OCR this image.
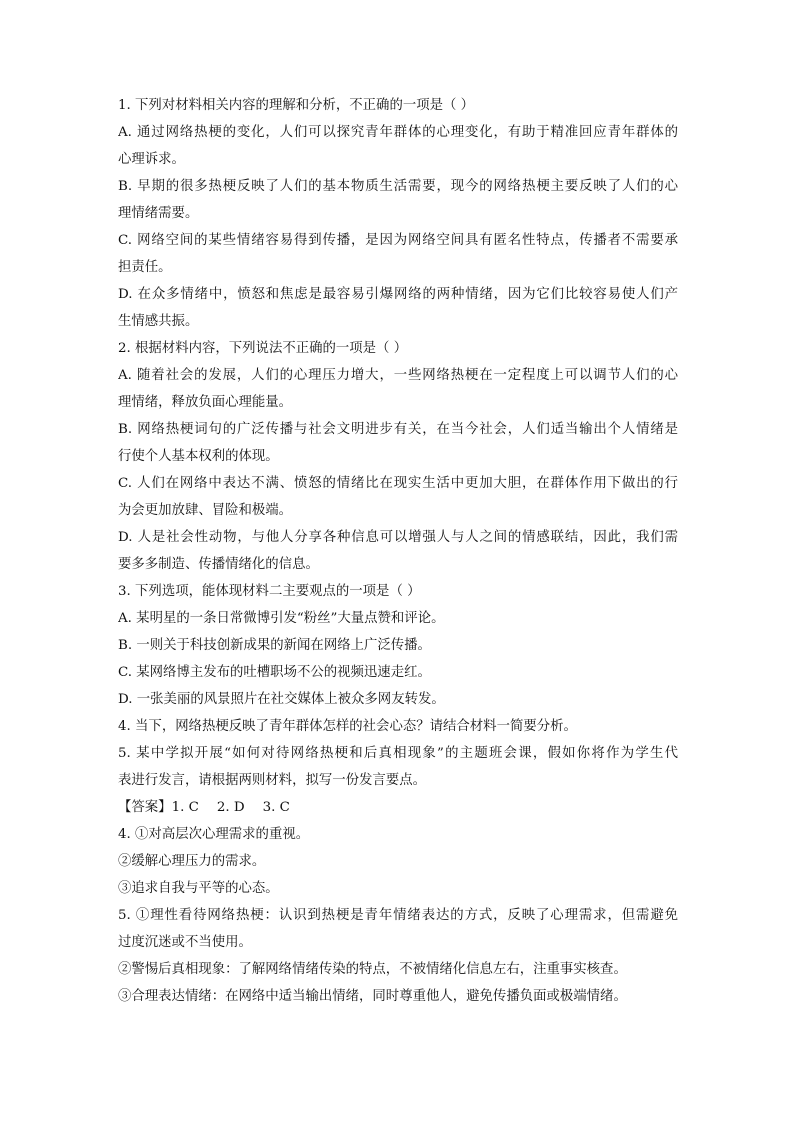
1. 下列对材料相关内容的理解和分析，不正确的一项是（ ）
A. 通过网络热梗的变化，人们可以探究青年群体的心理变化，有助于精准回应青年群体的
心理诉求。
B. 早期的很多热梗反映了人们的基本物质生活需要，现今的网络热梗主要反映了人们的心
理情绪需要。
C. 网络空间的某些情绪容易得到传播，是因为网络空间具有匿名性特点，传播者不需要承
担责任。
D. 在众多情绪中，愤怒和焦虑是最容易引爆网络的两种情绪，因为它们比较容易使人们产
生情感共振。
2. 根据材料内容，下列说法不正确的一项是（ ）
A. 随着社会的发展，人们的心理压力增大，一些网络热梗在一定程度上可以调节人们的心
理情绪，释放负面心理能量。
B. 网络热梗词句的广泛传播与社会文明进步有关，在当今社会，人们适当输出个人情绪是
行使个人基本权利的体现。
C. 人们在网络中表达不满、愤怒的情绪比在现实生活中更加大胆，在群体作用下做出的行
为会更加放肆、冒险和极端。
D. 人是社会性动物，与他人分享各种信息可以增强人与人之间的情感联结，因此，我们需
要多多制造、传播情绪化的信息。
3. 下列选项，能体现材料二主要观点的一项是（ ）
A. 某明星的一条日常微博引发“粉丝”大量点赞和评论。
B. 一则关于科技创新成果的新闻在网络上广泛传播。
C. 某网络博主发布的吐槽职场不公的视频迅速走红。
D. 一张美丽的风景照片在社交媒体上被众多网友转发。
4. 当下，网络热梗反映了青年群体怎样的社会心态？请结合材料一简要分析。
5. 某中学拟开展“如何对待网络热梗和后真相现象”的主题班会课，假如你将作为学生代
表进行发言，请根据两则材料，拟写一份发言要点。
【答案】1. C 2. D 3. C
4. ①对高层次心理需求的重视。
②缓解心理压力的需求。
③追求自我与平等的心态。
5. ①理性看待网络热梗：认识到热梗是青年情绪表达的方式，反映了心理需求，但需避免
过度沉迷或不当使用。
②警惕后真相现象：了解网络情绪传染的特点，不被情绪化信息左右，注重事实核查。
③合理表达情绪：在网络中适当输出情绪，同时尊重他人，避免传播负面或极端情绪。
